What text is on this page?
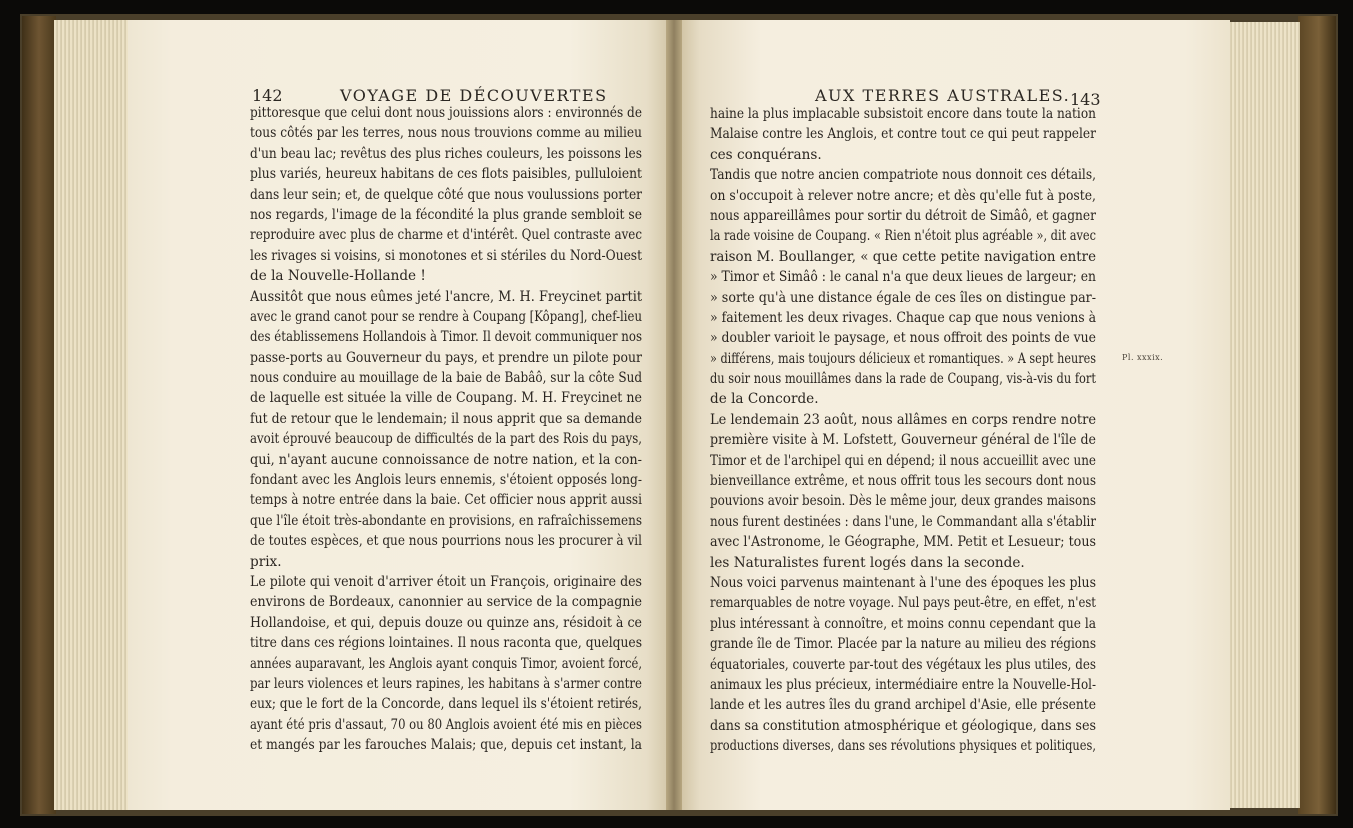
142	VOYAGE DE DÉCOUVERTES	AUX TERRES AUSTRALES. 143
pittoresque que celui dont nous jouissions alors : environnés de
tous côtés par les terres, nous nous trouvions comme au milieu
d'un beau lac; revêtus des plus riches couleurs, les poissons les
plus variés, heureux habitans de ces flots paisibles, pulluloient
dans leur sein; et, de quelque côté que nous voulussions porter
nos regards, l'image de la fécondité la plus grande sembloit se
reproduire avec plus de charme et d'intérêt. Quel contraste avec
les rivages si voisins, si monotones et si stériles du Nord-Ouest
de la Nouvelle-Hollande !
Aussitôt que nous eûmes jeté l'ancre, M. H. Freycinet partit
avec le grand canot pour se rendre à Coupang [Kôpang], chef-lieu
des établissemens Hollandois à Timor. Il devoit communiquer nos
passe-ports au Gouverneur du pays, et prendre un pilote pour
nous conduire au mouillage de la baie de Babâô, sur la côte Sud
de laquelle est située la ville de Coupang. M. H. Freycinet ne
fut de retour que le lendemain; il nous apprit que sa demande
avoit éprouvé beaucoup de difficultés de la part des Rois du pays,
qui, n'ayant aucune connoissance de notre nation, et la con-
fondant avec les Anglois leurs ennemis, s'étoient opposés long-
temps à notre entrée dans la baie. Cet officier nous apprit aussi
que l'île étoit très-abondante en provisions, en rafraîchissemens
de toutes espèces, et que nous pourrions nous les procurer à vil
prix.
Le pilote qui venoit d'arriver étoit un François, originaire des
environs de Bordeaux, canonnier au service de la compagnie
Hollandoise, et qui, depuis douze ou quinze ans, résidoit à ce
titre dans ces régions lointaines. Il nous raconta que, quelques
années auparavant, les Anglois ayant conquis Timor, avoient forcé,
par leurs violences et leurs rapines, les habitans à s'armer contre
eux; que le fort de la Concorde, dans lequel ils s'étoient retirés,
ayant été pris d'assaut, 70 ou 80 Anglois avoient été mis en pièces
et mangés par les farouches Malais; que, depuis cet instant, la
haine la plus implacable subsistoit encore dans toute la nation
Malaise contre les Anglois, et contre tout ce qui peut rappeler
ces conquérans.
Tandis que notre ancien compatriote nous donnoit ces détails,
on s'occupoit à relever notre ancre; et dès qu'elle fut à poste,
nous appareillâmes pour sortir du détroit de Simâô, et gagner
la rade voisine de Coupang. « Rien n'étoit plus agréable », dit avec
raison M. Boullanger, « que cette petite navigation entre
» Timor et Simâô : le canal n'a que deux lieues de largeur; en
» sorte qu'à une distance égale de ces îles on distingue par-
» faitement les deux rivages. Chaque cap que nous venions à
» doubler varioit le paysage, et nous offroit des points de vue
» différens, mais toujours délicieux et romantiques. » A sept heures
du soir nous mouillâmes dans la rade de Coupang, vis-à-vis du fort
de la Concorde.
Le lendemain 23 août, nous allâmes en corps rendre notre
première visite à M. Lofstett, Gouverneur général de l'île de
Timor et de l'archipel qui en dépend; il nous accueillit avec une
bienveillance extrême, et nous offrit tous les secours dont nous
pouvions avoir besoin. Dès le même jour, deux grandes maisons
nous furent destinées : dans l'une, le Commandant alla s'établir
avec l'Astronome, le Géographe, MM. Petit et Lesueur; tous
les Naturalistes furent logés dans la seconde.
Nous voici parvenus maintenant à l'une des époques les plus
remarquables de notre voyage. Nul pays peut-être, en effet, n'est
plus intéressant à connoître, et moins connu cependant que la
grande île de Timor. Placée par la nature au milieu des régions
équatoriales, couverte par-tout des végétaux les plus utiles, des
animaux les plus précieux, intermédiaire entre la Nouvelle-Hol-
lande et les autres îles du grand archipel d'Asie, elle présente
dans sa constitution atmosphérique et géologique, dans ses
productions diverses, dans ses révolutions physiques et politiques,
Pl. xxxix.
